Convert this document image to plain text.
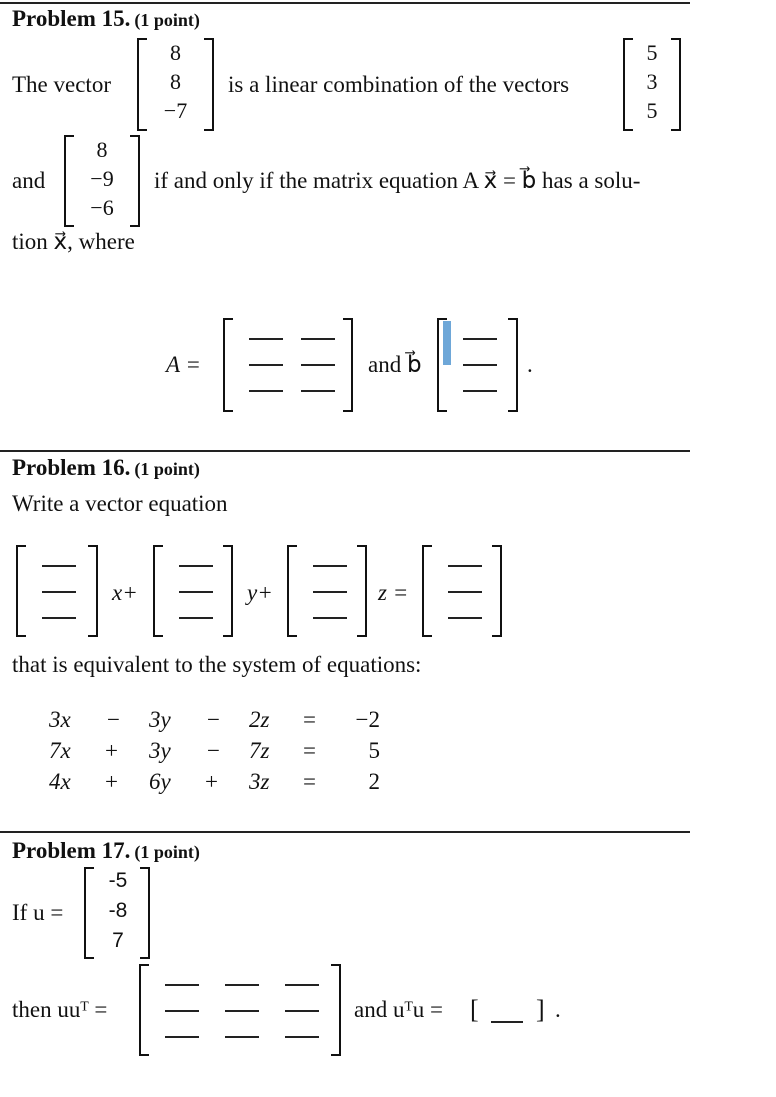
Problem 15. (1 point)
The vector
8
8
−7
is a linear combination of the vectors
5
3
5
and
8
−9
−6
if and only if the matrix equation A x⃗ = b⃗ has a solu-
tion x⃗, where
A =	and b⃗	.
Problem 16. (1 point)
Write a vector equation
x+	y+	z =
that is equivalent to the system of equations:
3x − 3y − 2z =	−2
7x + 3y − 7z =	5
4x + 6y + 3z =	2
Problem 17. (1 point)
If u =
-5
-8
7
then uuᵀ =	and uᵀu = [ ] .
